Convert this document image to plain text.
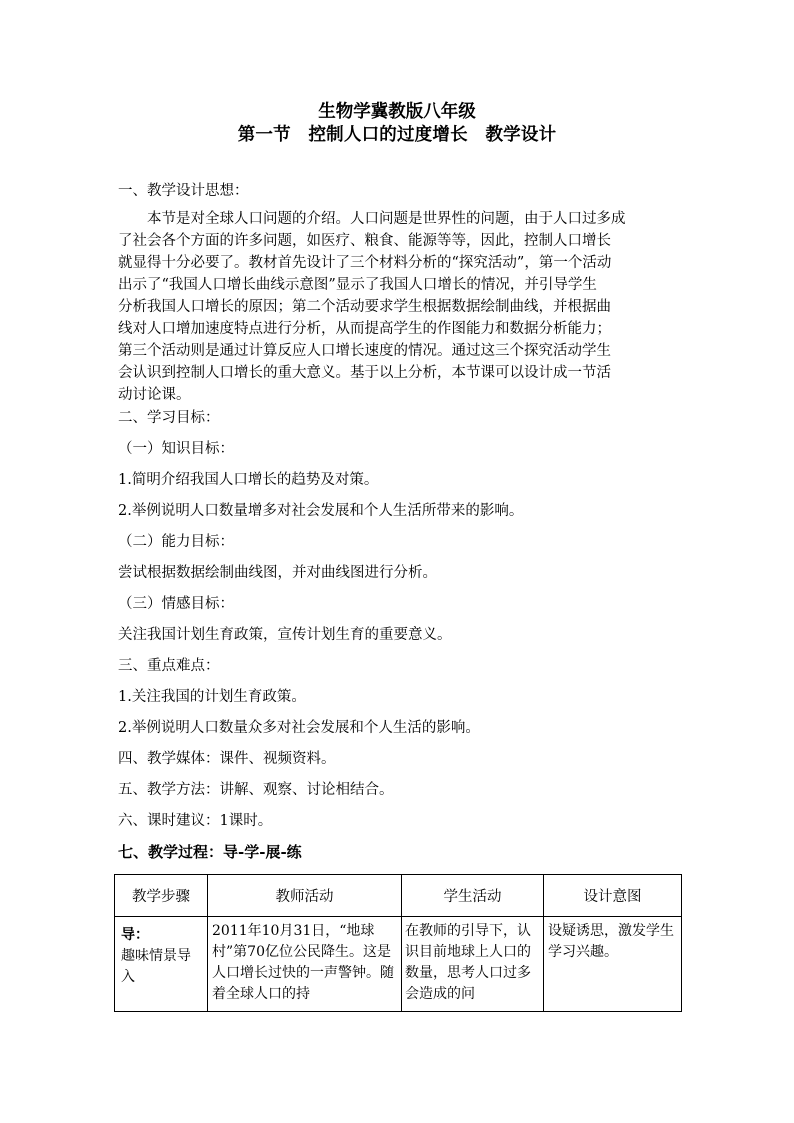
生物学冀教版八年级
第一节　控制人口的过度增长　教学设计
一、教学设计思想：
　　本节是对全球人口问题的介绍。人口问题是世界性的问题，由于人口过多成
了社会各个方面的许多问题，如医疗、粮食、能源等等，因此，控制人口增长
就显得十分必要了。教材首先设计了三个材料分析的“探究活动”，第一个活动
出示了“我国人口增长曲线示意图”显示了我国人口增长的情况，并引导学生
分析我国人口增长的原因；第二个活动要求学生根据数据绘制曲线，并根据曲
线对人口增加速度特点进行分析，从而提高学生的作图能力和数据分析能力；
第三个活动则是通过计算反应人口增长速度的情况。通过这三个探究活动学生
会认识到控制人口增长的重大意义。基于以上分析，本节课可以设计成一节活
动讨论课。
二、学习目标：
（一）知识目标：
1.简明介绍我国人口增长的趋势及对策。
2.举例说明人口数量增多对社会发展和个人生活所带来的影响。
（二）能力目标：
尝试根据数据绘制曲线图，并对曲线图进行分析。
（三）情感目标：
关注我国计划生育政策，宣传计划生育的重要意义。
三、重点难点：
1.关注我国的计划生育政策。
2.举例说明人口数量众多对社会发展和个人生活的影响。
四、教学媒体：课件、视频资料。
五、教学方法：讲解、观察、讨论相结合。
六、课时建议：1课时。
七、教学过程：导-学-展-练
教学步骤	教师活动	学生活动	设计意图

导：
趣味情景导入	2011年10月31日，“地球村”第70亿位公民降生。这是人口增长过快的一声警钟。随着全球人口的持	在教师的引导下，认识目前地球上人口的数量，思考人口过多会造成的问	设疑诱思，激发学生学习兴趣。
